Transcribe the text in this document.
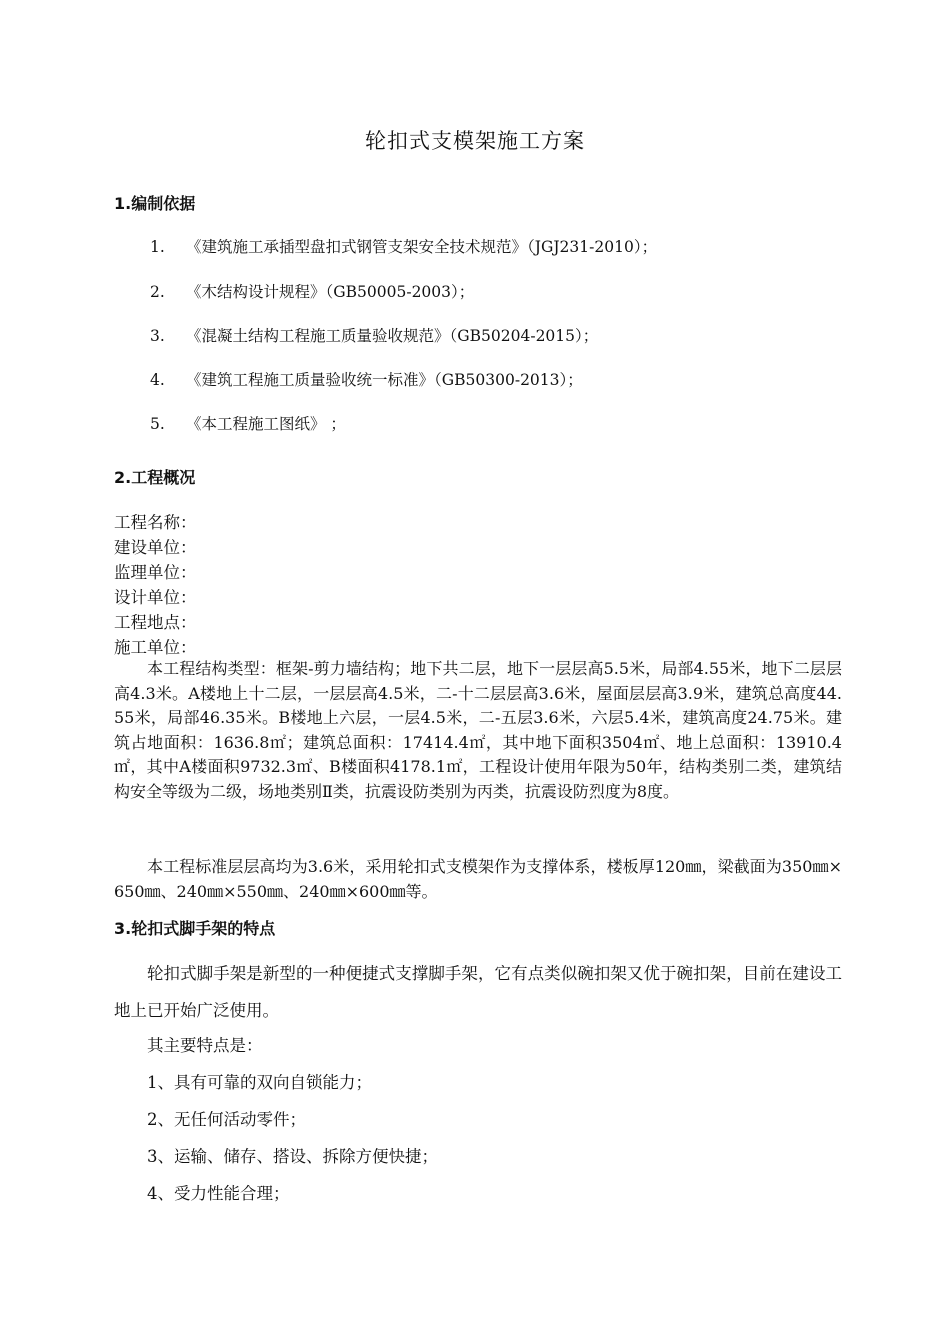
轮扣式支模架施工方案
1.编制依据
1. 《建筑施工承插型盘扣式钢管支架安全技术规范》（JGJ231-2010）；
2. 《木结构设计规程》（GB50005-2003）；
3. 《混凝土结构工程施工质量验收规范》（GB50204-2015）；
4. 《建筑工程施工质量验收统一标准》（GB50300-2013）；
5. 《本工程施工图纸》 ；
2.工程概况
工程名称：
建设单位：
监理单位：
设计单位：
工程地点：
施工单位：

本工程结构类型：框架-剪力墙结构；地下共二层，地下一层层高5.5米，局部4.55米，地下二层层高4.3米。A楼地上十二层，一层层高4.5米，二-十二层层高3.6米，屋面层层高3.9米，建筑总高度44.55米，局部46.35米。B楼地上六层，一层4.5米，二-五层3.6米，六层5.4米，建筑高度24.75米。建筑占地面积：1636.8㎡；建筑总面积：17414.4㎡，其中地下面积3504㎡、地上总面积：13910.4㎡，其中A楼面积9732.3㎡、B楼面积4178.1㎡，工程设计使用年限为50年，结构类别二类，建筑结构安全等级为二级，场地类别Ⅱ类，抗震设防类别为丙类，抗震设防烈度为8度。

本工程标准层层高均为3.6米，采用轮扣式支模架作为支撑体系，楼板厚120㎜，梁截面为350㎜×650㎜、240㎜×550㎜、240㎜×600㎜等。

3.轮扣式脚手架的特点

轮扣式脚手架是新型的一种便捷式支撑脚手架，它有点类似碗扣架又优于碗扣架，目前在建设工地上已开始广泛使用。

其主要特点是：
1、具有可靠的双向自锁能力；
2、无任何活动零件；
3、运输、储存、搭设、拆除方便快捷；
4、受力性能合理；
